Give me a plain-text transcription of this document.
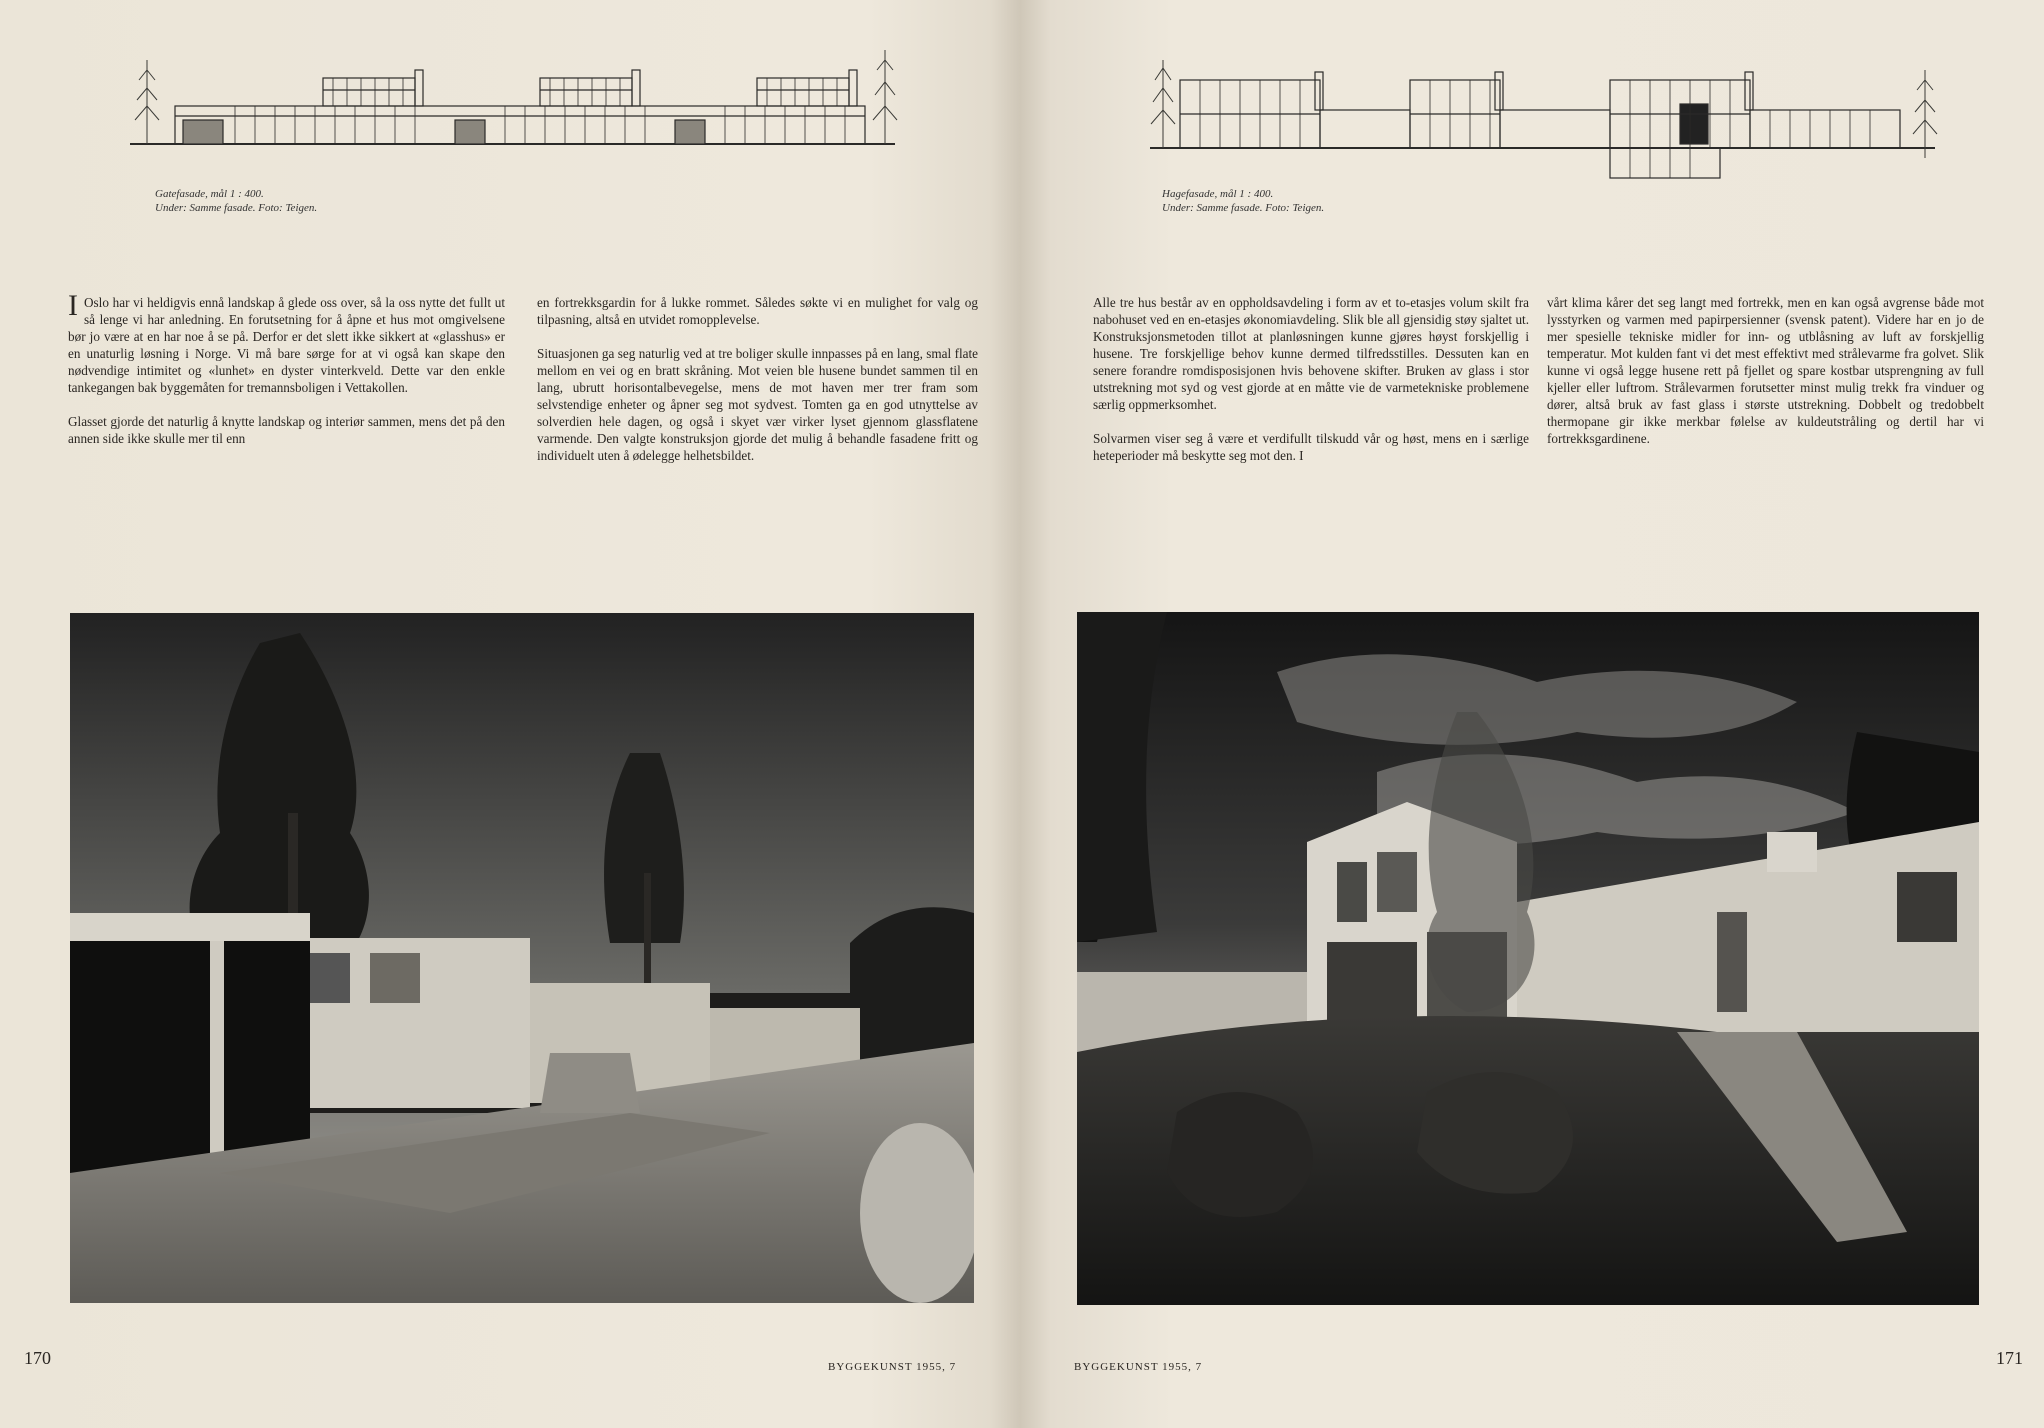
Gatefasade, mål 1 : 400.
Under: Samme fasade. Foto: Teigen.

I Oslo har vi heldigvis ennå landskap å glede oss over, så la oss nytte det fullt ut så lenge vi har anledning. En forutsetning for å åpne et hus mot omgivelsene bør jo være at en har noe å se på. Derfor er det slett ikke sikkert at «glasshus» er en unaturlig løsning i Norge. Vi må bare sørge for at vi også kan skape den nødvendige intimitet og «lunhet» en dyster vinterkveld. Dette var den enkle tankegangen bak byggemåten for tremannsboligen i Vettakollen.

Glasset gjorde det naturlig å knytte landskap og interiør sammen, mens det på den annen side ikke skulle mer til enn

en fortrekksgardin for å lukke rommet. Således søkte vi en mulighet for valg og tilpasning, altså en utvidet romopplevelse.

Situasjonen ga seg naturlig ved at tre boliger skulle innpasses på en lang, smal flate mellom en vei og en bratt skråning. Mot veien ble husene bundet sammen til en lang, ubrutt horisontalbevegelse, mens de mot haven mer trer fram som selvstendige enheter og åpner seg mot sydvest. Tomten ga en god utnyttelse av solverdien hele dagen, og også i skyet vær virker lyset gjennom glassflatene varmende. Den valgte konstruksjon gjorde det mulig å behandle fasadene fritt og individuelt uten å ødelegge helhetsbildet.

170	BYGGEKUNST 1955, 7
Hagefasade, mål 1 : 400.
Under: Samme fasade. Foto: Teigen.

Alle tre hus består av en oppholdsavdeling i form av et to-etasjes volum skilt fra nabohuset ved en en-etasjes økonomiavdeling. Slik ble all gjensidig støy sjaltet ut. Konstruksjonsmetoden tillot at planløsningen kunne gjøres høyst forskjellig i husene. Tre forskjellige behov kunne dermed tilfredsstilles. Dessuten kan en senere forandre romdisposisjonen hvis behovene skifter. Bruken av glass i stor utstrekning mot syd og vest gjorde at en måtte vie de varmetekniske problemene særlig oppmerksomhet.

Solvarmen viser seg å være et verdifullt tilskudd vår og høst, mens en i særlige heteperioder må beskytte seg mot den. I

vårt klima kårer det seg langt med fortrekk, men en kan også avgrense både mot lysstyrken og varmen med papirpersienner (svensk patent). Videre har en jo de mer spesielle tekniske midler for inn- og utblåsning av luft av forskjellig temperatur. Mot kulden fant vi det mest effektivt med strålevarme fra golvet. Slik kunne vi også legge husene rett på fjellet og spare kostbar utsprengning av full kjeller eller luftrom. Strålevarmen forutsetter minst mulig trekk fra vinduer og dører, altså bruk av fast glass i største utstrekning. Dobbelt og tredobbelt thermopane gir ikke merkbar følelse av kuldeutstråling og dertil har vi fortrekksgardinene.

BYGGEKUNST 1955, 7	171
